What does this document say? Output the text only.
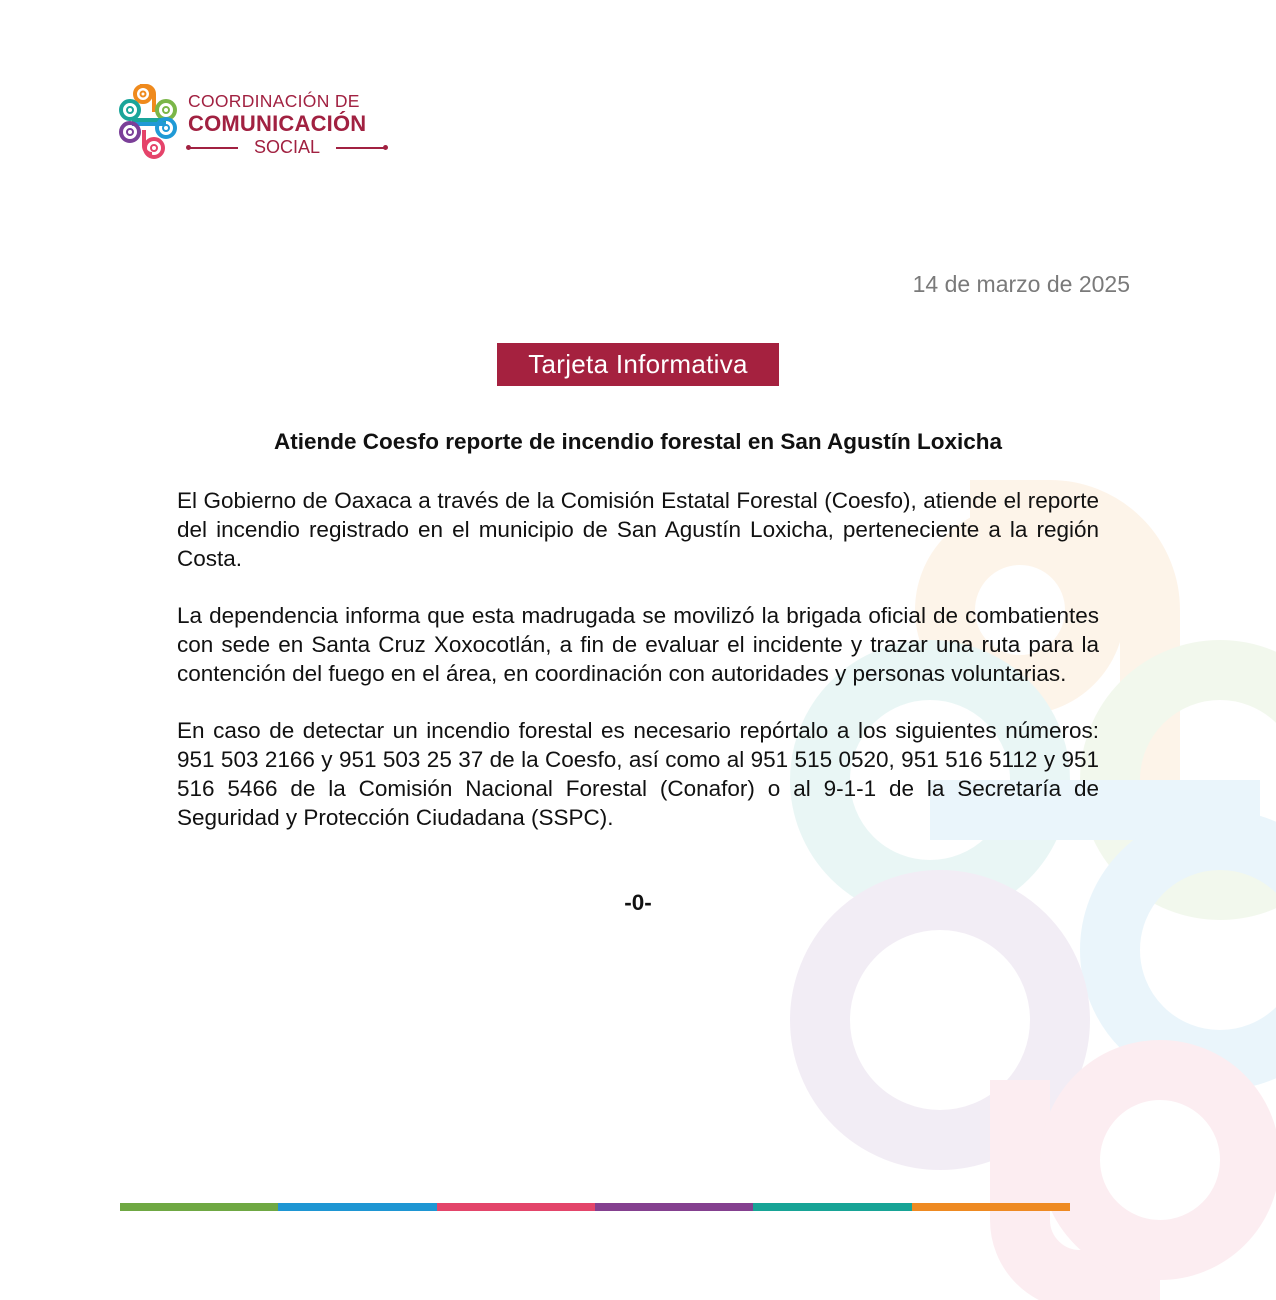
COORDINACIÓN DE
COMUNICACIÓN
SOCIAL
14 de marzo de 2025
Tarjeta Informativa
Atiende Coesfo reporte de incendio forestal en San Agustín Loxicha

El Gobierno de Oaxaca a través de la Comisión Estatal Forestal (Coesfo), atiende el reporte del incendio registrado en el municipio de San Agustín Loxicha, perteneciente a la región Costa.

La dependencia informa que esta madrugada se movilizó la brigada oficial de combatientes con sede en Santa Cruz Xoxocotlán, a fin de evaluar el incidente y trazar una ruta para la contención del fuego en el área, en coordinación con autoridades y personas voluntarias.

En caso de detectar un incendio forestal es necesario repórtalo a los siguientes números: 951 503 2166 y 951 503 25 37 de la Coesfo, así como al 951 515 0520, 951 516 5112 y 951 516 5466 de la Comisión Nacional Forestal (Conafor) o al 9-1-1 de la Secretaría de Seguridad y Protección Ciudadana (SSPC).

-0-
